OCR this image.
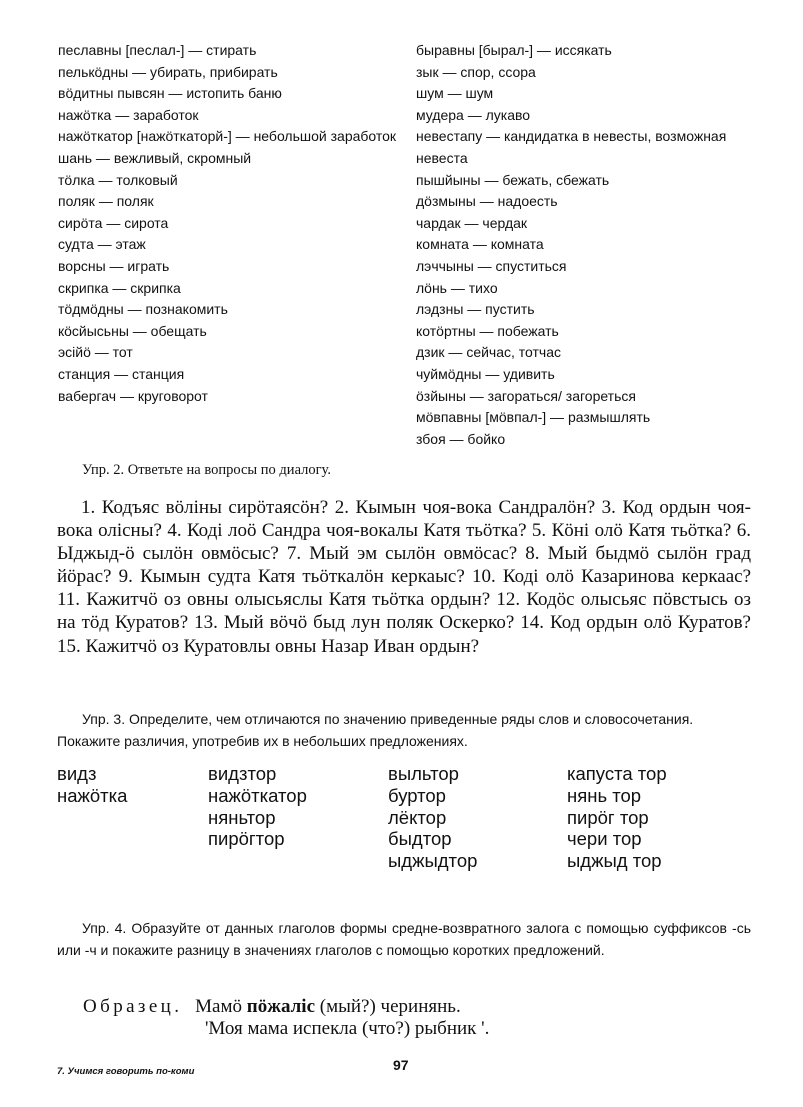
пеславны [песлал-] — стирать
пелькӧдны — убирать, прибирать
вӧдитны пывсян — истопить баню
нажӧтка — заработок
нажӧткатор [нажӧткаторй-] — небольшой заработок
шань — вежливый, скромный
тӧлка — толковый
поляк — поляк
сирӧта — сирота
судта — этаж
ворсны — играть
скрипка — скрипка
тӧдмӧдны — познакомить
кӧсйысьны — обещать
эсійӧ — тот
станция — станция
вабергач — круговорот
быравны [бырал-] — иссякать
зык — спор, ссора
шум — шум
мудера — лукаво
невестапу — кандидатка в невесты, возможная невеста
пышйыны — бежать, сбежать
дӧзмыны — надоесть
чардак — чердак
комната — комната
лэччыны — спуститься
лӧнь — тихо
лэдзны — пустить
котӧртны — побежать
дзик — сейчас, тотчас
чуймӧдны — удивить
ӧзйыны — загораться/ загореться
мӧвпавны [мӧвпал-] — размышлять
збоя — бойко
Упр. 2. Ответьте на вопросы по диалогу.
1. Кодъяс вӧліны сирӧтаясӧн? 2. Кымын чоя-вока Сандралӧн? 3. Код ордын чоя-вока олісны? 4. Коді лоӧ Сандра чоя-вокалы Катя тьӧтка? 5. Кӧні олӧ Катя тьӧтка? 6. Ыджыд-ӧ сылӧн овмӧсыс? 7. Мый эм сылӧн овмӧсас? 8. Мый быдмӧ сылӧн град йӧрас? 9. Кымын судта Катя тьӧткалӧн керкаыс? 10. Коді олӧ Казаринова керкаас? 11. Кажитчӧ оз овны олысьяслы Катя тьӧтка ордын? 12. Кодӧс олысьяс пӧвстысь оз на тӧд Куратов? 13. Мый вӧчӧ быд лун поляк Оскерко? 14. Код ордын олӧ Куратов? 15. Кажитчӧ оз Куратовлы овны Назар Иван ордын?
Упр. 3. Определите, чем отличаются по значению приведенные ряды слов и словосочетания. Покажите различия, употребив их в небольших предложениях.
видз
нажӧтка
видзтор
нажӧткатор
няньтор
пирӧгтор
выльтор
буртор
лёктор
быдтор
ыджыдтор
капуста тор
нянь тор
пирӧг тор
чери тор
ыджыд тор
Упр. 4. Образуйте от данных глаголов формы средне-возвратного залога с помощью суффиксов -сь или -ч и покажите разницу в значениях глаголов с помощью коротких предложений.
Образец. Мамӧ пӧжаліс (мый?) черинянь.
'Моя мама испекла (что?) рыбник '.
7. Учимся говорить по-коми	97
